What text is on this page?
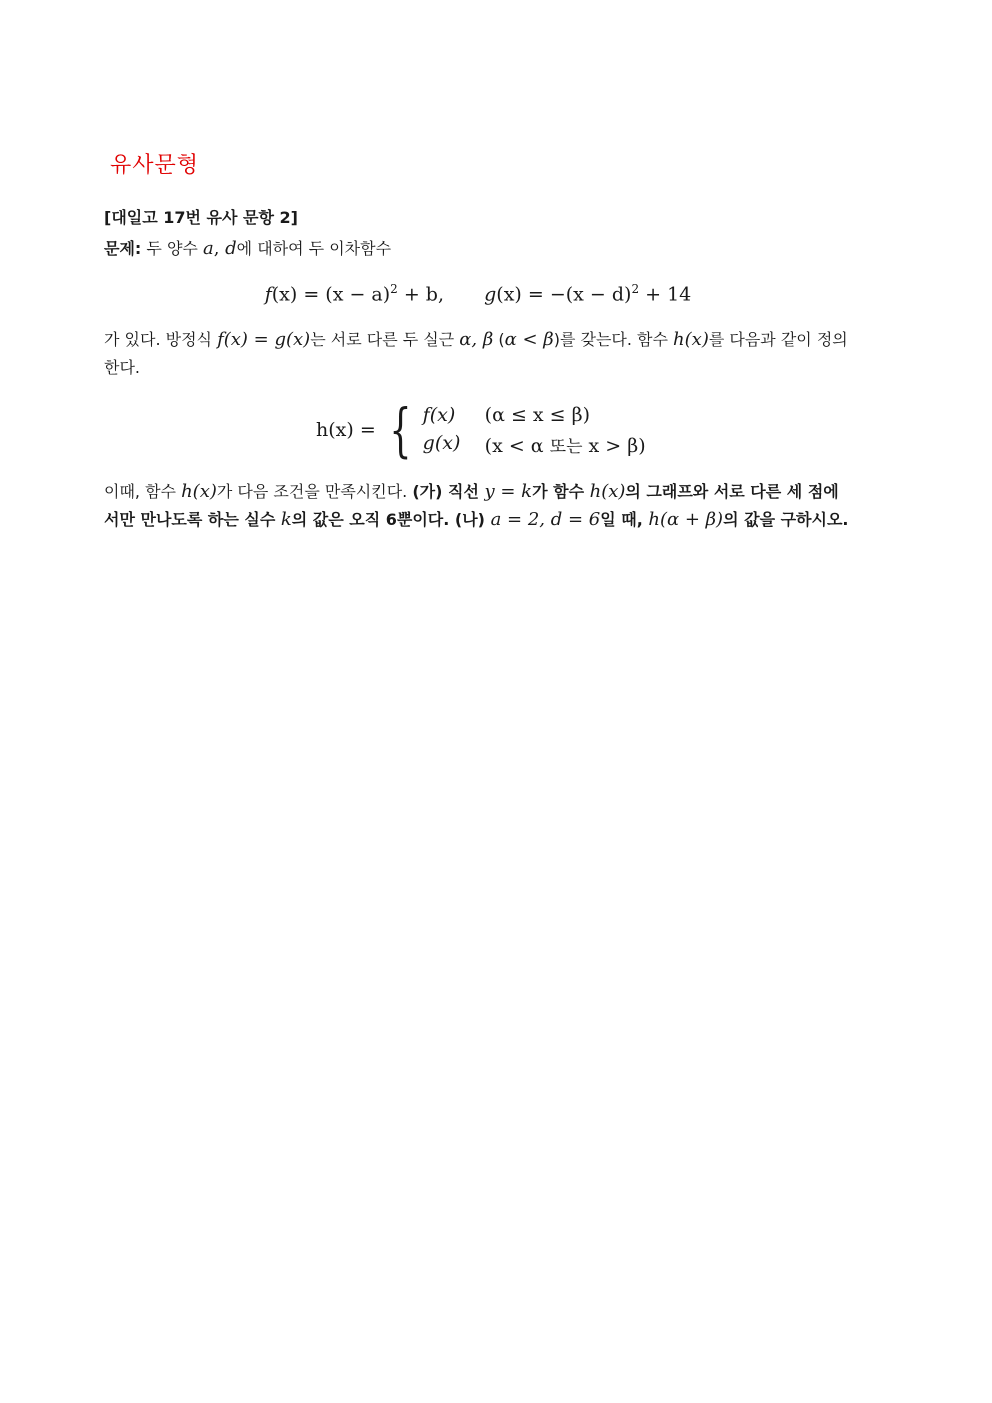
유사문형
[대일고 17번 유사 문항 2]
문제: 두 양수 a, d에 대하여 두 이차함수
$f(x) = (x - a)^2 + b$, $g(x) = -(x - d)^2 + 14$
가 있다. 방정식 f(x) = g(x)는 서로 다른 두 실근 α, β (α < β)를 갖는다. 함수 h(x)를 다음과 같이 정의한다.
h(x) = { f(x)	(α ≤ x ≤ β)
g(x)	(x < α 또는 x > β)
이때, 함수 h(x)가 다음 조건을 만족시킨다. (가) 직선 y = k가 함수 h(x)의 그래프와 서로 다른 세 점에서만 만나도록 하는 실수 k의 값은 오직 6뿐이다. (나) a = 2, d = 6일 때, h(α + β)의 값을 구하시오.
